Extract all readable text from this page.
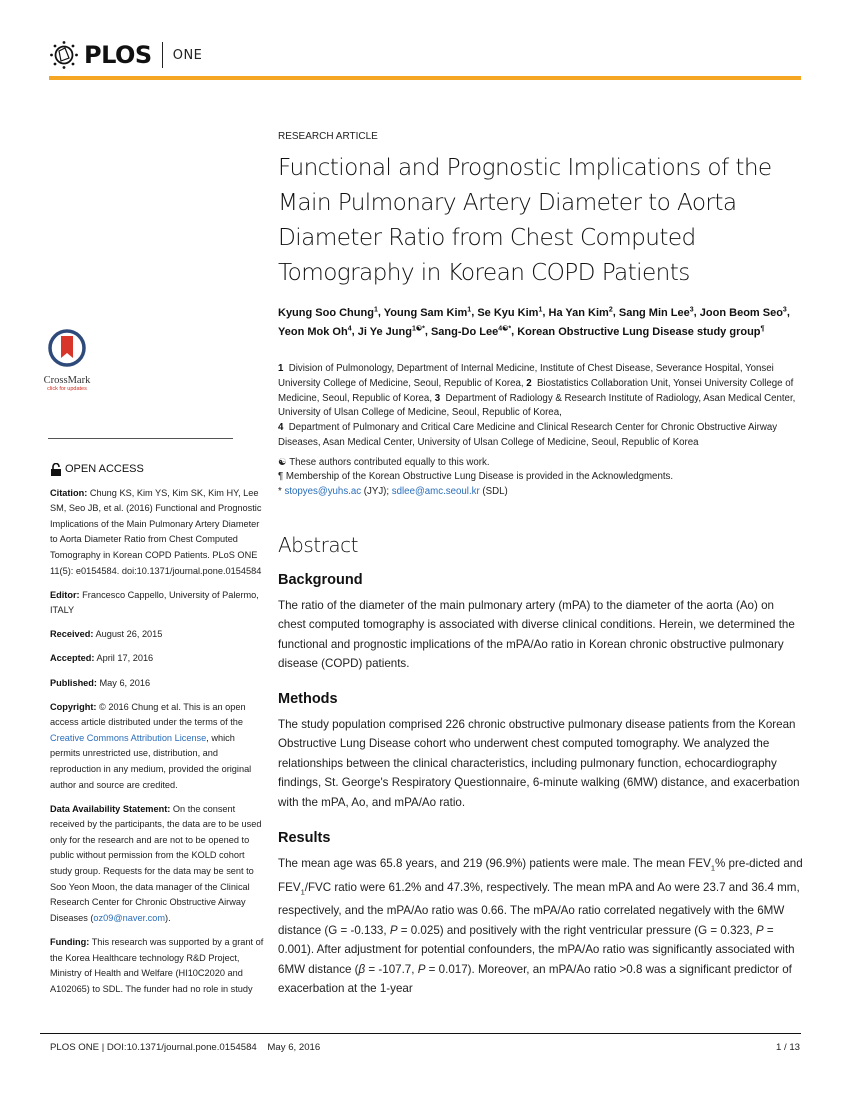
PLOS ONE
CrossMark
click for updates
OPEN ACCESS

Citation: Chung KS, Kim YS, Kim SK, Kim HY, Lee SM, Seo JB, et al. (2016) Functional and Prognostic Implications of the Main Pulmonary Artery Diameter to Aorta Diameter Ratio from Chest Computed Tomography in Korean COPD Patients. PLoS ONE 11(5): e0154584. doi:10.1371/journal.pone.0154584

Editor: Francesco Cappello, University of Palermo, ITALY

Received: August 26, 2015

Accepted: April 17, 2016

Published: May 6, 2016

Copyright: © 2016 Chung et al. This is an open access article distributed under the terms of the Creative Commons Attribution License, which permits unrestricted use, distribution, and reproduction in any medium, provided the original author and source are credited.

Data Availability Statement: On the consent received by the participants, the data are to be used only for the research and are not to be opened to public without permission from the KOLD cohort study group. Requests for the data may be sent to Soo Yeon Moon, the data manager of the Clinical Research Center for Chronic Obstructive Airway Diseases (oz09@naver.com).

Funding: This research was supported by a grant of the Korea Healthcare technology R&D Project, Ministry of Health and Welfare (HI10C2020 and A102065) to SDL. The funder had no role in study

RESEARCH ARTICLE
Functional and Prognostic Implications of the Main Pulmonary Artery Diameter to Aorta Diameter Ratio from Chest Computed Tomography in Korean COPD Patients
Kyung Soo Chung$^1$, Young Sam Kim$^1$, Se Kyu Kim$^1$, Ha Yan Kim$^2$, Sang Min Lee$^3$, Joon Beom Seo$^3$, Yeon Mok Oh$^4$, Ji Ye Jung$^{1☯*}$, Sang-Do Lee$^{4☯*}$, Korean Obstructive Lung Disease study group¶
1 Division of Pulmonology, Department of Internal Medicine, Institute of Chest Disease, Severance Hospital, Yonsei University College of Medicine, Seoul, Republic of Korea, 2 Biostatistics Collaboration Unit, Yonsei University College of Medicine, Seoul, Republic of Korea, 3 Department of Radiology & Research Institute of Radiology, Asan Medical Center, University of Ulsan College of Medicine, Seoul, Republic of Korea,
4 Department of Pulmonary and Critical Care Medicine and Clinical Research Center for Chronic Obstructive Airway Diseases, Asan Medical Center, University of Ulsan College of Medicine, Seoul, Republic of Korea
☯ These authors contributed equally to this work.
¶ Membership of the Korean Obstructive Lung Disease is provided in the Acknowledgments.
* stopyes@yuhs.ac (JYJ); sdlee@amc.seoul.kr (SDL)
Abstract
Background
The ratio of the diameter of the main pulmonary artery (mPA) to the diameter of the aorta (Ao) on chest computed tomography is associated with diverse clinical conditions. Herein, we determined the functional and prognostic implications of the mPA/Ao ratio in Korean chronic obstructive pulmonary disease (COPD) patients.
Methods
The study population comprised 226 chronic obstructive pulmonary disease patients from the Korean Obstructive Lung Disease cohort who underwent chest computed tomography. We analyzed the relationships between the clinical characteristics, including pulmonary function, echocardiography findings, St. George's Respiratory Questionnaire, 6-minute walking (6MW) distance, and exacerbation with the mPA, Ao, and mPA/Ao ratio.
Results
The mean age was 65.8 years, and 219 (96.9%) patients were male. The mean $FEV_1\%$ pre-dicted and $FEV_1$/FVC ratio were 61.2% and 47.3%, respectively. The mean mPA and Ao were 23.7 and 36.4 mm, respectively, and the mPA/Ao ratio was 0.66. The mPA/Ao ratio correlated negatively with the 6MW distance (G = -0.133, P = 0.025) and positively with the right ventricular pressure (G = 0.323, P = 0.001). After adjustment for potential confounders, the mPA/Ao ratio was significantly associated with 6MW distance (β = -107.7, P = 0.017). Moreover, an mPA/Ao ratio >0.8 was a significant predictor of exacerbation at the 1-year
PLOS ONE | DOI:10.1371/journal.pone.0154584    May 6, 2016	1 / 13
